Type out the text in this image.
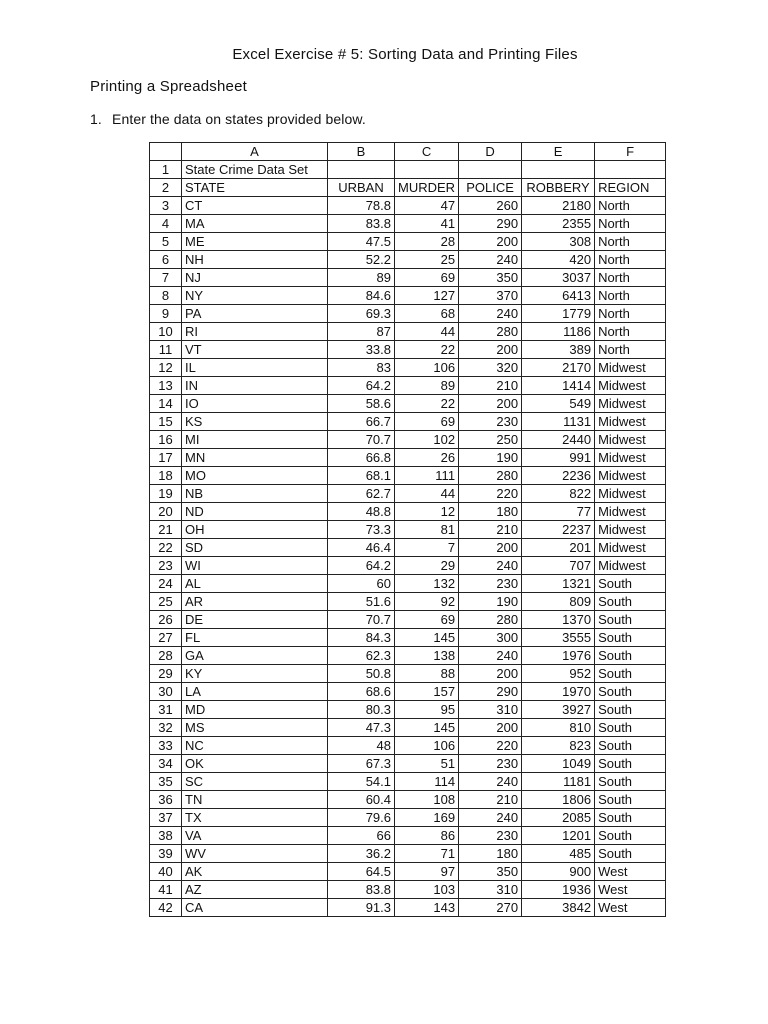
Excel Exercise # 5: Sorting Data and Printing Files
Printing a Spreadsheet

1. Enter the data on states provided below.

	A	B	C	D	E	F
1	State Crime Data Set					
2	STATE	URBAN	MURDER	POLICE	ROBBERY	REGION
3	CT	78.8	47	260	2180	North
4	MA	83.8	41	290	2355	North
5	ME	47.5	28	200	308	North
6	NH	52.2	25	240	420	North
7	NJ	89	69	350	3037	North
8	NY	84.6	127	370	6413	North
9	PA	69.3	68	240	1779	North
10	RI	87	44	280	1186	North
11	VT	33.8	22	200	389	North
12	IL	83	106	320	2170	Midwest
13	IN	64.2	89	210	1414	Midwest
14	IO	58.6	22	200	549	Midwest
15	KS	66.7	69	230	1131	Midwest
16	MI	70.7	102	250	2440	Midwest
17	MN	66.8	26	190	991	Midwest
18	MO	68.1	111	280	2236	Midwest
19	NB	62.7	44	220	822	Midwest
20	ND	48.8	12	180	77	Midwest
21	OH	73.3	81	210	2237	Midwest
22	SD	46.4	7	200	201	Midwest
23	WI	64.2	29	240	707	Midwest
24	AL	60	132	230	1321	South
25	AR	51.6	92	190	809	South
26	DE	70.7	69	280	1370	South
27	FL	84.3	145	300	3555	South
28	GA	62.3	138	240	1976	South
29	KY	50.8	88	200	952	South
30	LA	68.6	157	290	1970	South
31	MD	80.3	95	310	3927	South
32	MS	47.3	145	200	810	South
33	NC	48	106	220	823	South
34	OK	67.3	51	230	1049	South
35	SC	54.1	114	240	1181	South
36	TN	60.4	108	210	1806	South
37	TX	79.6	169	240	2085	South
38	VA	66	86	230	1201	South
39	WV	36.2	71	180	485	South
40	AK	64.5	97	350	900	West
41	AZ	83.8	103	310	1936	West
42	CA	91.3	143	270	3842	West
